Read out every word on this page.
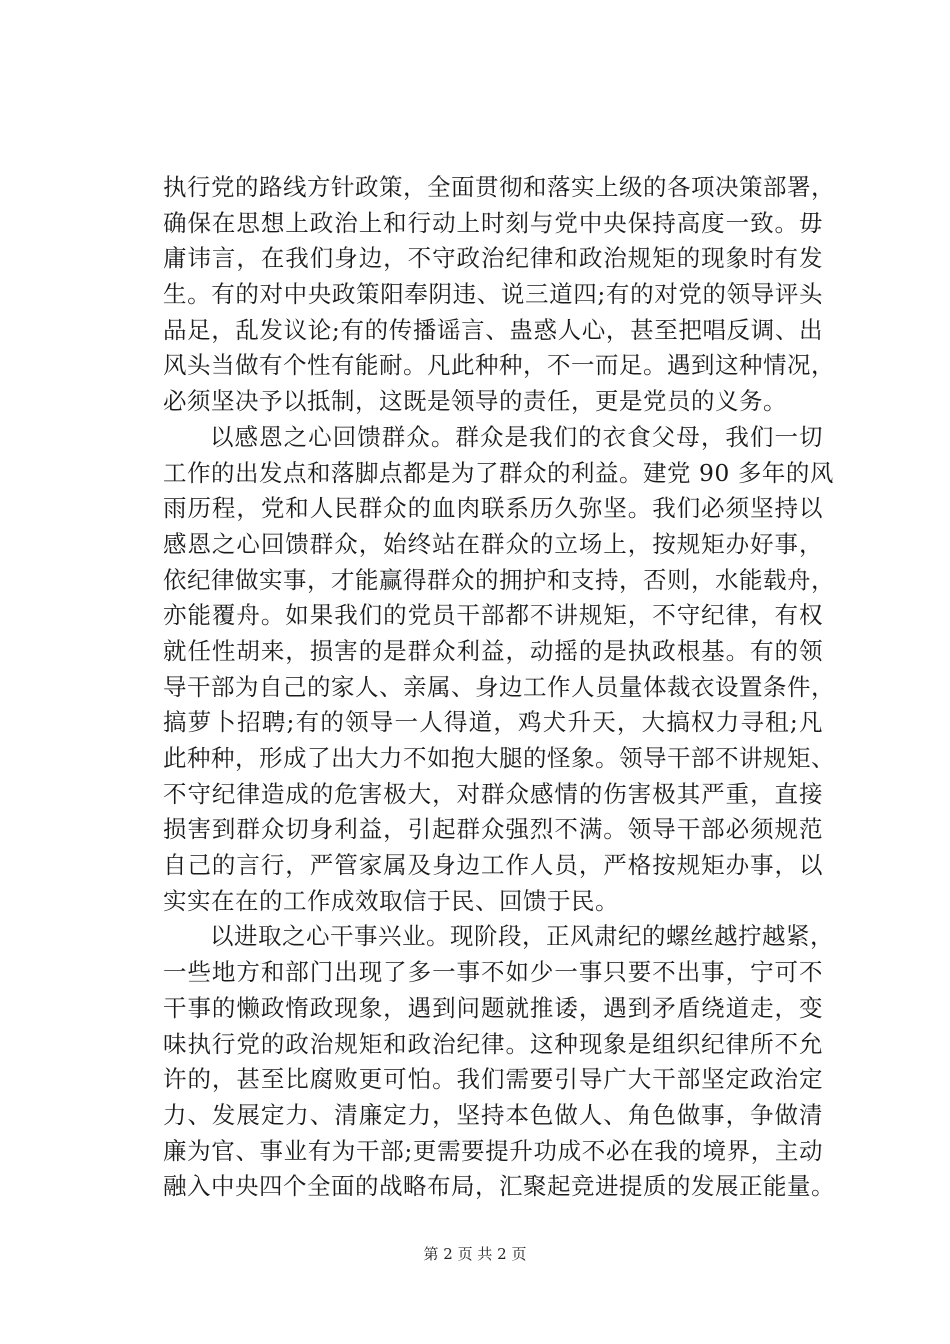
执行党的路线方针政策，全面贯彻和落实上级的各项决策部署，
确保在思想上政治上和行动上时刻与党中央保持高度一致。毋
庸讳言，在我们身边，不守政治纪律和政治规矩的现象时有发
生。有的对中央政策阳奉阴违、说三道四;有的对党的领导评头
品足，乱发议论;有的传播谣言、蛊惑人心，甚至把唱反调、出
风头当做有个性有能耐。凡此种种，不一而足。遇到这种情况，
必须坚决予以抵制，这既是领导的责任，更是党员的义务。
以感恩之心回馈群众。群众是我们的衣食父母，我们一切
工作的出发点和落脚点都是为了群众的利益。建党 90 多年的风
雨历程，党和人民群众的血肉联系历久弥坚。我们必须坚持以
感恩之心回馈群众，始终站在群众的立场上，按规矩办好事，
依纪律做实事，才能赢得群众的拥护和支持，否则，水能载舟，
亦能覆舟。如果我们的党员干部都不讲规矩，不守纪律，有权
就任性胡来，损害的是群众利益，动摇的是执政根基。有的领
导干部为自己的家人、亲属、身边工作人员量体裁衣设置条件，
搞萝卜招聘;有的领导一人得道，鸡犬升天，大搞权力寻租;凡
此种种，形成了出大力不如抱大腿的怪象。领导干部不讲规矩、
不守纪律造成的危害极大，对群众感情的伤害极其严重，直接
损害到群众切身利益，引起群众强烈不满。领导干部必须规范
自己的言行，严管家属及身边工作人员，严格按规矩办事，以
实实在在的工作成效取信于民、回馈于民。
以进取之心干事兴业。现阶段，正风肃纪的螺丝越拧越紧，
一些地方和部门出现了多一事不如少一事只要不出事，宁可不
干事的懒政惰政现象，遇到问题就推诿，遇到矛盾绕道走，变
味执行党的政治规矩和政治纪律。这种现象是组织纪律所不允
许的，甚至比腐败更可怕。我们需要引导广大干部坚定政治定
力、发展定力、清廉定力，坚持本色做人、角色做事，争做清
廉为官、事业有为干部;更需要提升功成不必在我的境界，主动
融入中央四个全面的战略布局，汇聚起竞进提质的发展正能量。
第 2 页 共 2 页
